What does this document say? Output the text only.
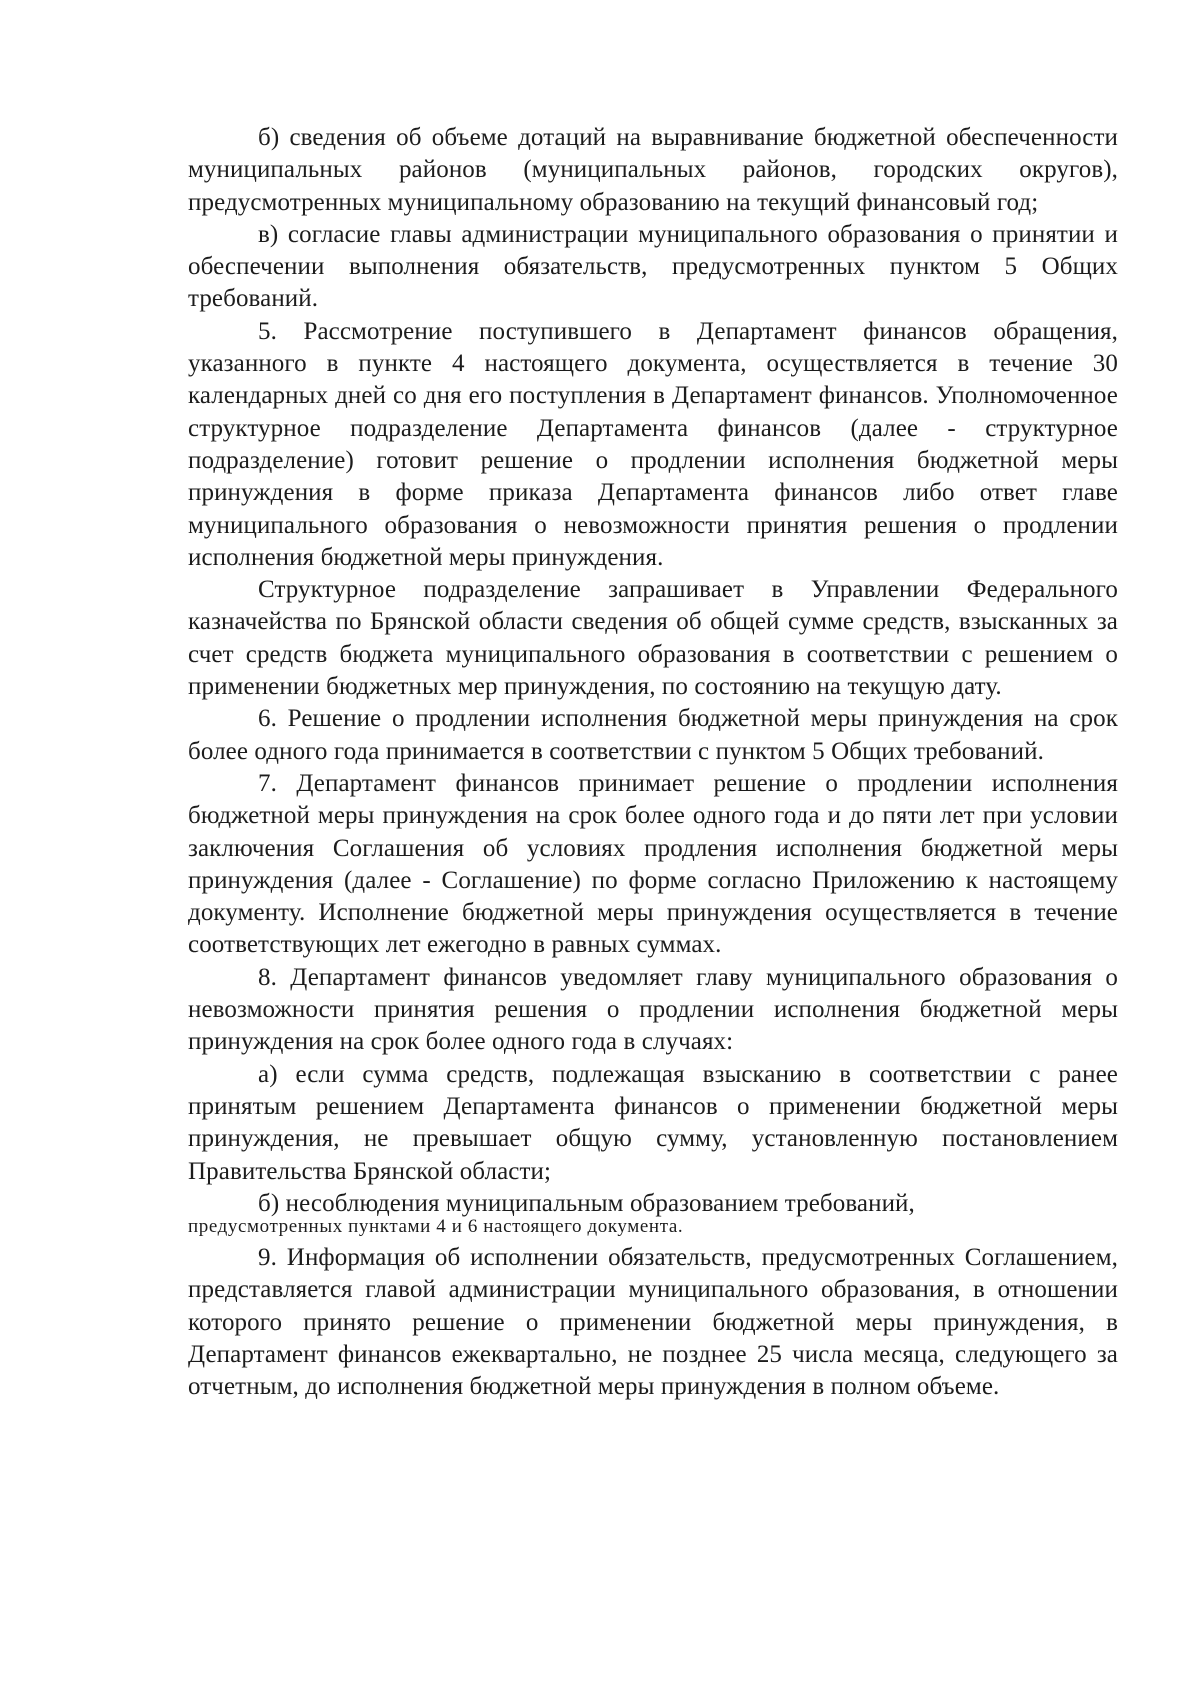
б) сведения об объеме дотаций на выравнивание бюджетной обеспеченности муниципальных районов (муниципальных районов, городских округов), предусмотренных муниципальному образованию на текущий финансовый год;

в) согласие главы администрации муниципального образования о принятии и обеспечении выполнения обязательств, предусмотренных пунктом 5 Общих требований.

5. Рассмотрение поступившего в Департамент финансов обращения, указанного в пункте 4 настоящего документа, осуществляется в течение 30 календарных дней со дня его поступления в Департамент финансов. Уполномоченное структурное подразделение Департамента финансов (далее - структурное подразделение) готовит решение о продлении исполнения бюджетной меры принуждения в форме приказа Департамента финансов либо ответ главе муниципального образования о невозможности принятия решения о продлении исполнения бюджетной меры принуждения.

Структурное подразделение запрашивает в Управлении Федерального казначейства по Брянской области сведения об общей сумме средств, взысканных за счет средств бюджета муниципального образования в соответствии с решением о применении бюджетных мер принуждения, по состоянию на текущую дату.

6. Решение о продлении исполнения бюджетной меры принуждения на срок более одного года принимается в соответствии с пунктом 5 Общих требований.

7. Департамент финансов принимает решение о продлении исполнения бюджетной меры принуждения на срок более одного года и до пяти лет при условии заключения Соглашения об условиях продления исполнения бюджетной меры принуждения (далее - Соглашение) по форме согласно Приложению к настоящему документу. Исполнение бюджетной меры принуждения осуществляется в течение соответствующих лет ежегодно в равных суммах.

8. Департамент финансов уведомляет главу муниципального образования о невозможности принятия решения о продлении исполнения бюджетной меры принуждения на срок более одного года в случаях:

а) если сумма средств, подлежащая взысканию в соответствии с ранее принятым решением Департамента финансов о применении бюджетной меры принуждения, не превышает общую сумму, установленную постановлением Правительства Брянской области;

б) несоблюдения муниципальным образованием требований,

предусмотренных пунктами 4 и 6 настоящего документа.

9. Информация об исполнении обязательств, предусмотренных Соглашением, представляется главой администрации муниципального образования, в отношении которого принято решение о применении бюджетной меры принуждения, в Департамент финансов ежеквартально, не позднее 25 числа месяца, следующего за отчетным, до исполнения бюджетной меры принуждения в полном объеме.
